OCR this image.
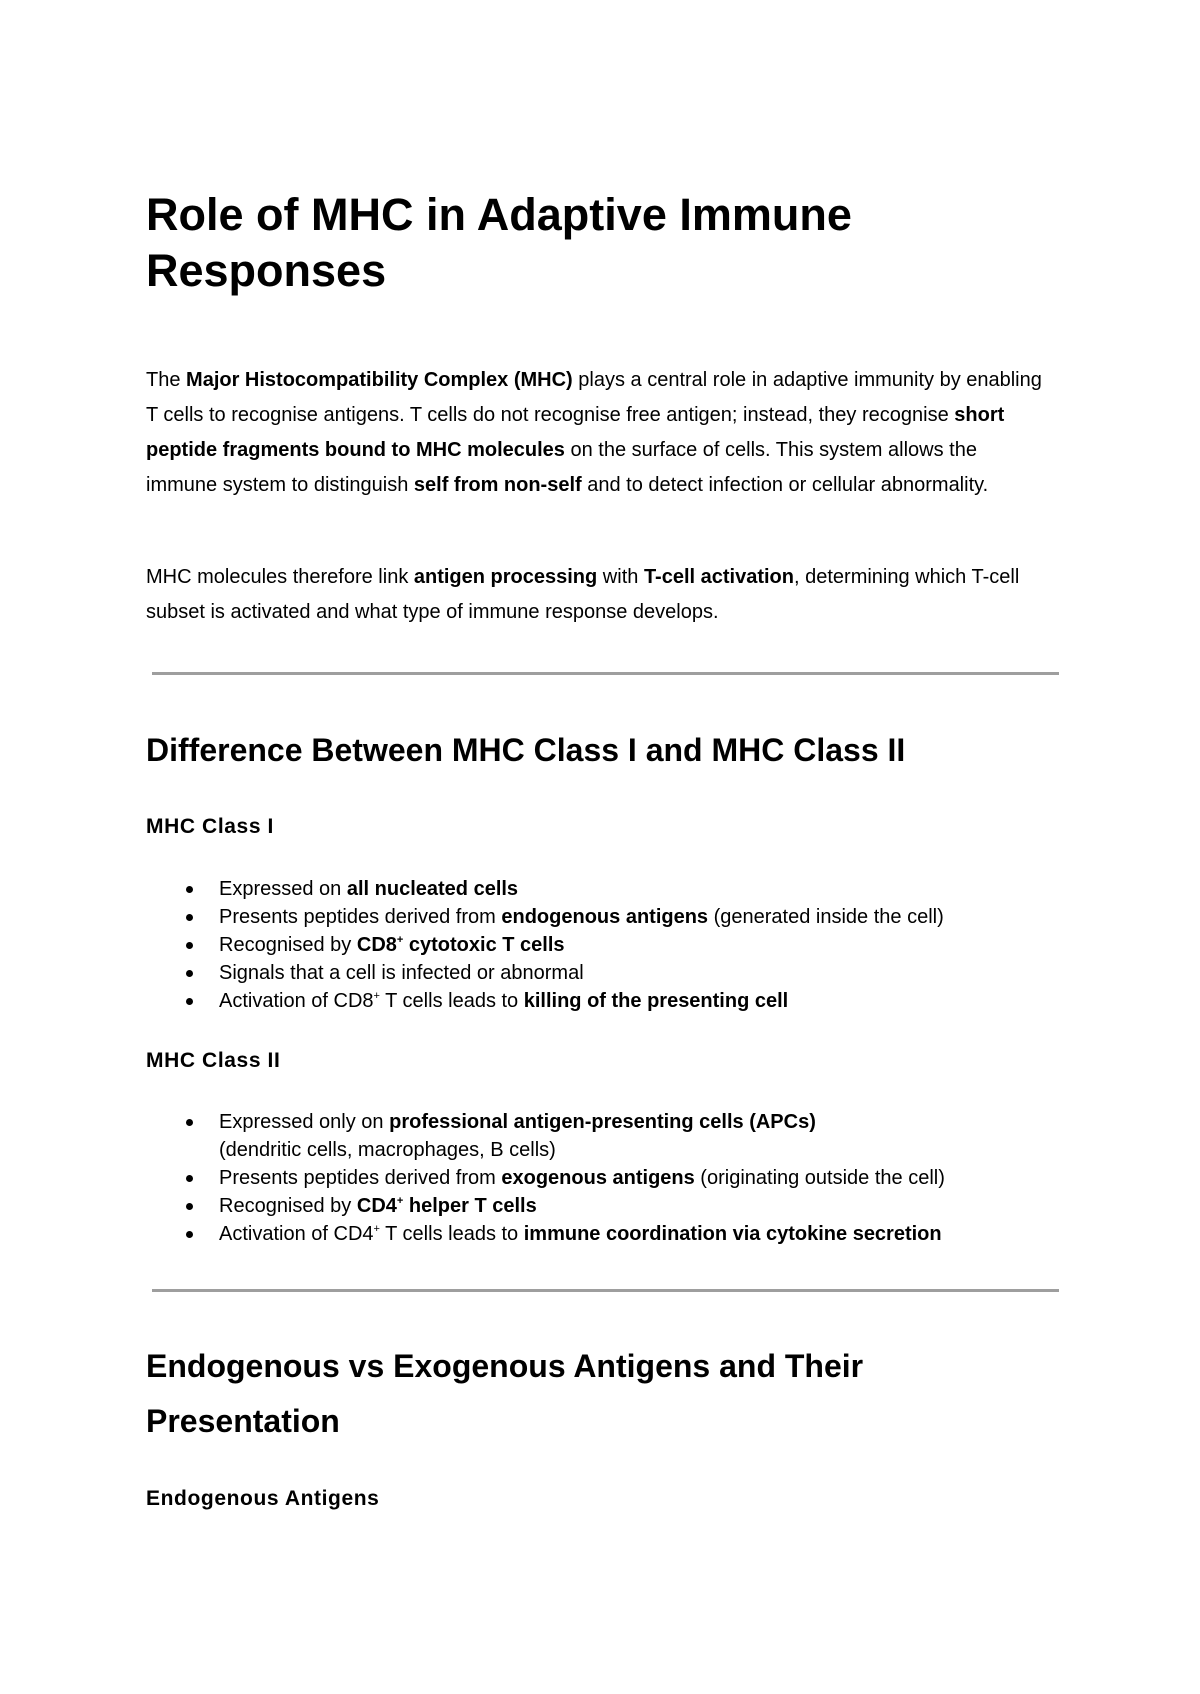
Role of MHC in Adaptive Immune Responses

The Major Histocompatibility Complex (MHC) plays a central role in adaptive immunity by enabling T cells to recognise antigens. T cells do not recognise free antigen; instead, they recognise short peptide fragments bound to MHC molecules on the surface of cells. This system allows the immune system to distinguish self from non-self and to detect infection or cellular abnormality.

MHC molecules therefore link antigen processing with T-cell activation, determining which T-cell subset is activated and what type of immune response develops.

Difference Between MHC Class I and MHC Class II
MHC Class I
Expressed on all nucleated cells
Presents peptides derived from endogenous antigens (generated inside the cell)
Recognised by CD8+ cytotoxic T cells
Signals that a cell is infected or abnormal
Activation of CD8+ T cells leads to killing of the presenting cell
MHC Class II
Expressed only on professional antigen-presenting cells (APCs)
(dendritic cells, macrophages, B cells)
Presents peptides derived from exogenous antigens (originating outside the cell)
Recognised by CD4+ helper T cells
Activation of CD4+ T cells leads to immune coordination via cytokine secretion
Endogenous vs Exogenous Antigens and Their Presentation
Endogenous Antigens
